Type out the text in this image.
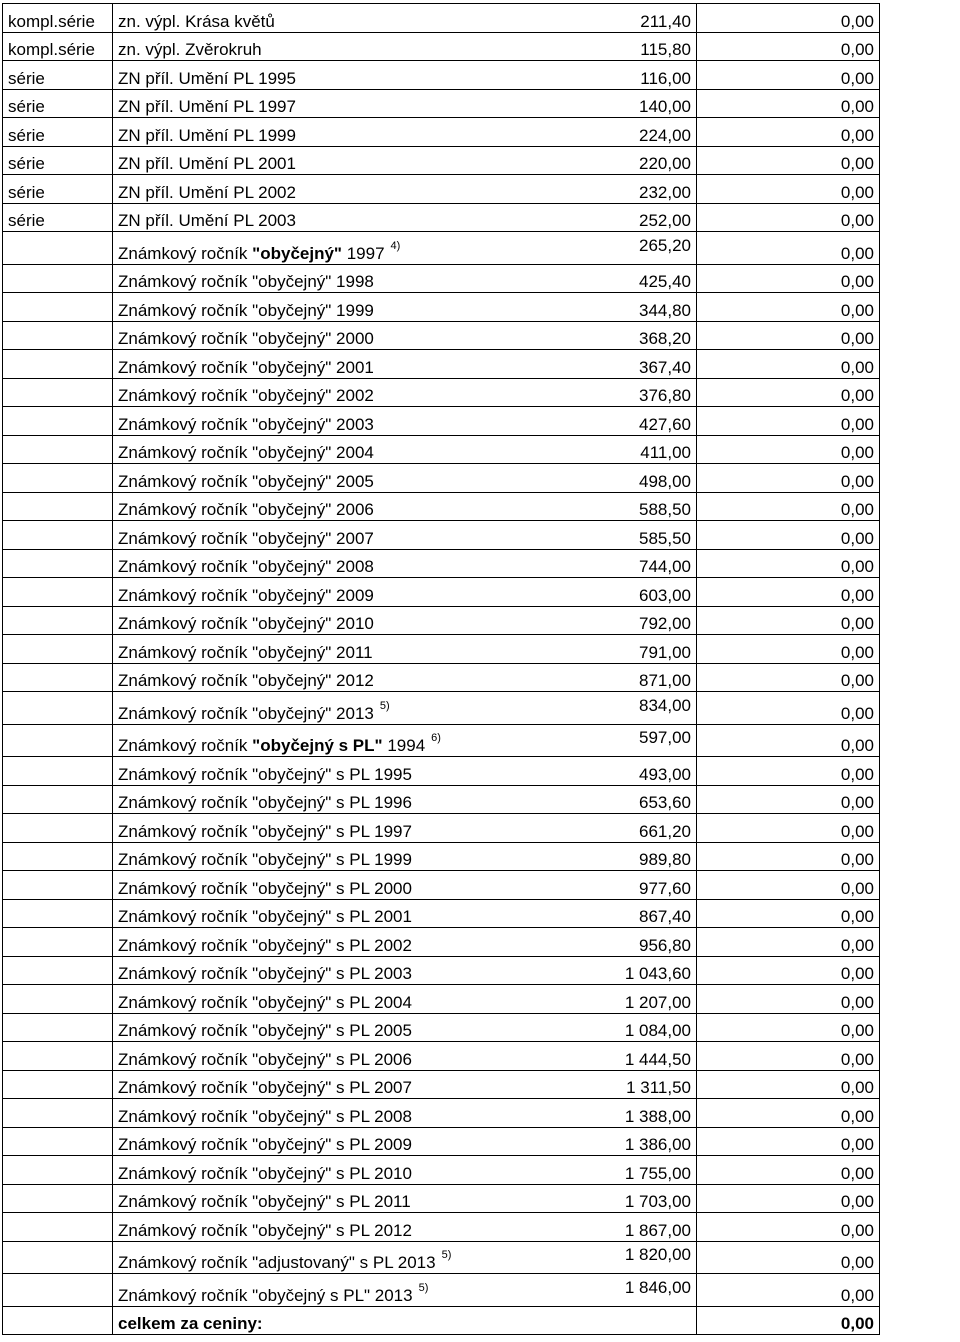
kompl.série	zn. výpl. Krása květů 211,40	0,00
kompl.série	zn. výpl. Zvěrokruh 115,80	0,00
série	ZN příl. Umění PL 1995 116,00	0,00
série	ZN příl. Umění PL 1997 140,00	0,00
série	ZN příl. Umění PL 1999 224,00	0,00
série	ZN příl. Umění PL 2001 220,00	0,00
série	ZN příl. Umění PL 2002 232,00	0,00
série	ZN příl. Umění PL 2003 252,00	0,00

	Známkový ročník "obyčejný" 1997 $^{4)}$ 265,20	0,00

	Známkový ročník "obyčejný" 1998 425,40	0,00

	Známkový ročník "obyčejný" 1999 344,80	0,00

	Známkový ročník "obyčejný" 2000 368,20	0,00

	Známkový ročník "obyčejný" 2001 367,40	0,00

	Známkový ročník "obyčejný" 2002 376,80	0,00

	Známkový ročník "obyčejný" 2003 427,60	0,00

	Známkový ročník "obyčejný" 2004 411,00	0,00

	Známkový ročník "obyčejný" 2005 498,00	0,00

	Známkový ročník "obyčejný" 2006 588,50	0,00

	Známkový ročník "obyčejný" 2007 585,50	0,00

	Známkový ročník "obyčejný" 2008 744,00	0,00

	Známkový ročník "obyčejný" 2009 603,00	0,00

	Známkový ročník "obyčejný" 2010 792,00	0,00

	Známkový ročník "obyčejný" 2011 791,00	0,00

	Známkový ročník "obyčejný" 2012 871,00	0,00

	Známkový ročník "obyčejný" 2013 $^{5)}$ 834,00	0,00

	Známkový ročník "obyčejný s PL" 1994 $^{6)}$ 597,00	0,00

	Známkový ročník "obyčejný" s PL 1995 493,00	0,00

	Známkový ročník "obyčejný" s PL 1996 653,60	0,00

	Známkový ročník "obyčejný" s PL 1997 661,20	0,00

	Známkový ročník "obyčejný" s PL 1999 989,80	0,00

	Známkový ročník "obyčejný" s PL 2000 977,60	0,00

	Známkový ročník "obyčejný" s PL 2001 867,40	0,00

	Známkový ročník "obyčejný" s PL 2002 956,80	0,00

	Známkový ročník "obyčejný" s PL 2003 1 043,60	0,00

	Známkový ročník "obyčejný" s PL 2004 1 207,00	0,00

	Známkový ročník "obyčejný" s PL 2005 1 084,00	0,00

	Známkový ročník "obyčejný" s PL 2006 1 444,50	0,00

	Známkový ročník "obyčejný" s PL 2007 1 311,50	0,00

	Známkový ročník "obyčejný" s PL 2008 1 388,00	0,00

	Známkový ročník "obyčejný" s PL 2009 1 386,00	0,00

	Známkový ročník "obyčejný" s PL 2010 1 755,00	0,00

	Známkový ročník "obyčejný" s PL 2011 1 703,00	0,00

	Známkový ročník "obyčejný" s PL 2012 1 867,00	0,00

	Známkový ročník "adjustovaný" s PL 2013 $^{5)}$ 1 820,00	0,00

	Známkový ročník "obyčejný s PL" 2013 $^{5)}$ 1 846,00	0,00
	celkem za ceniny:	0,00
